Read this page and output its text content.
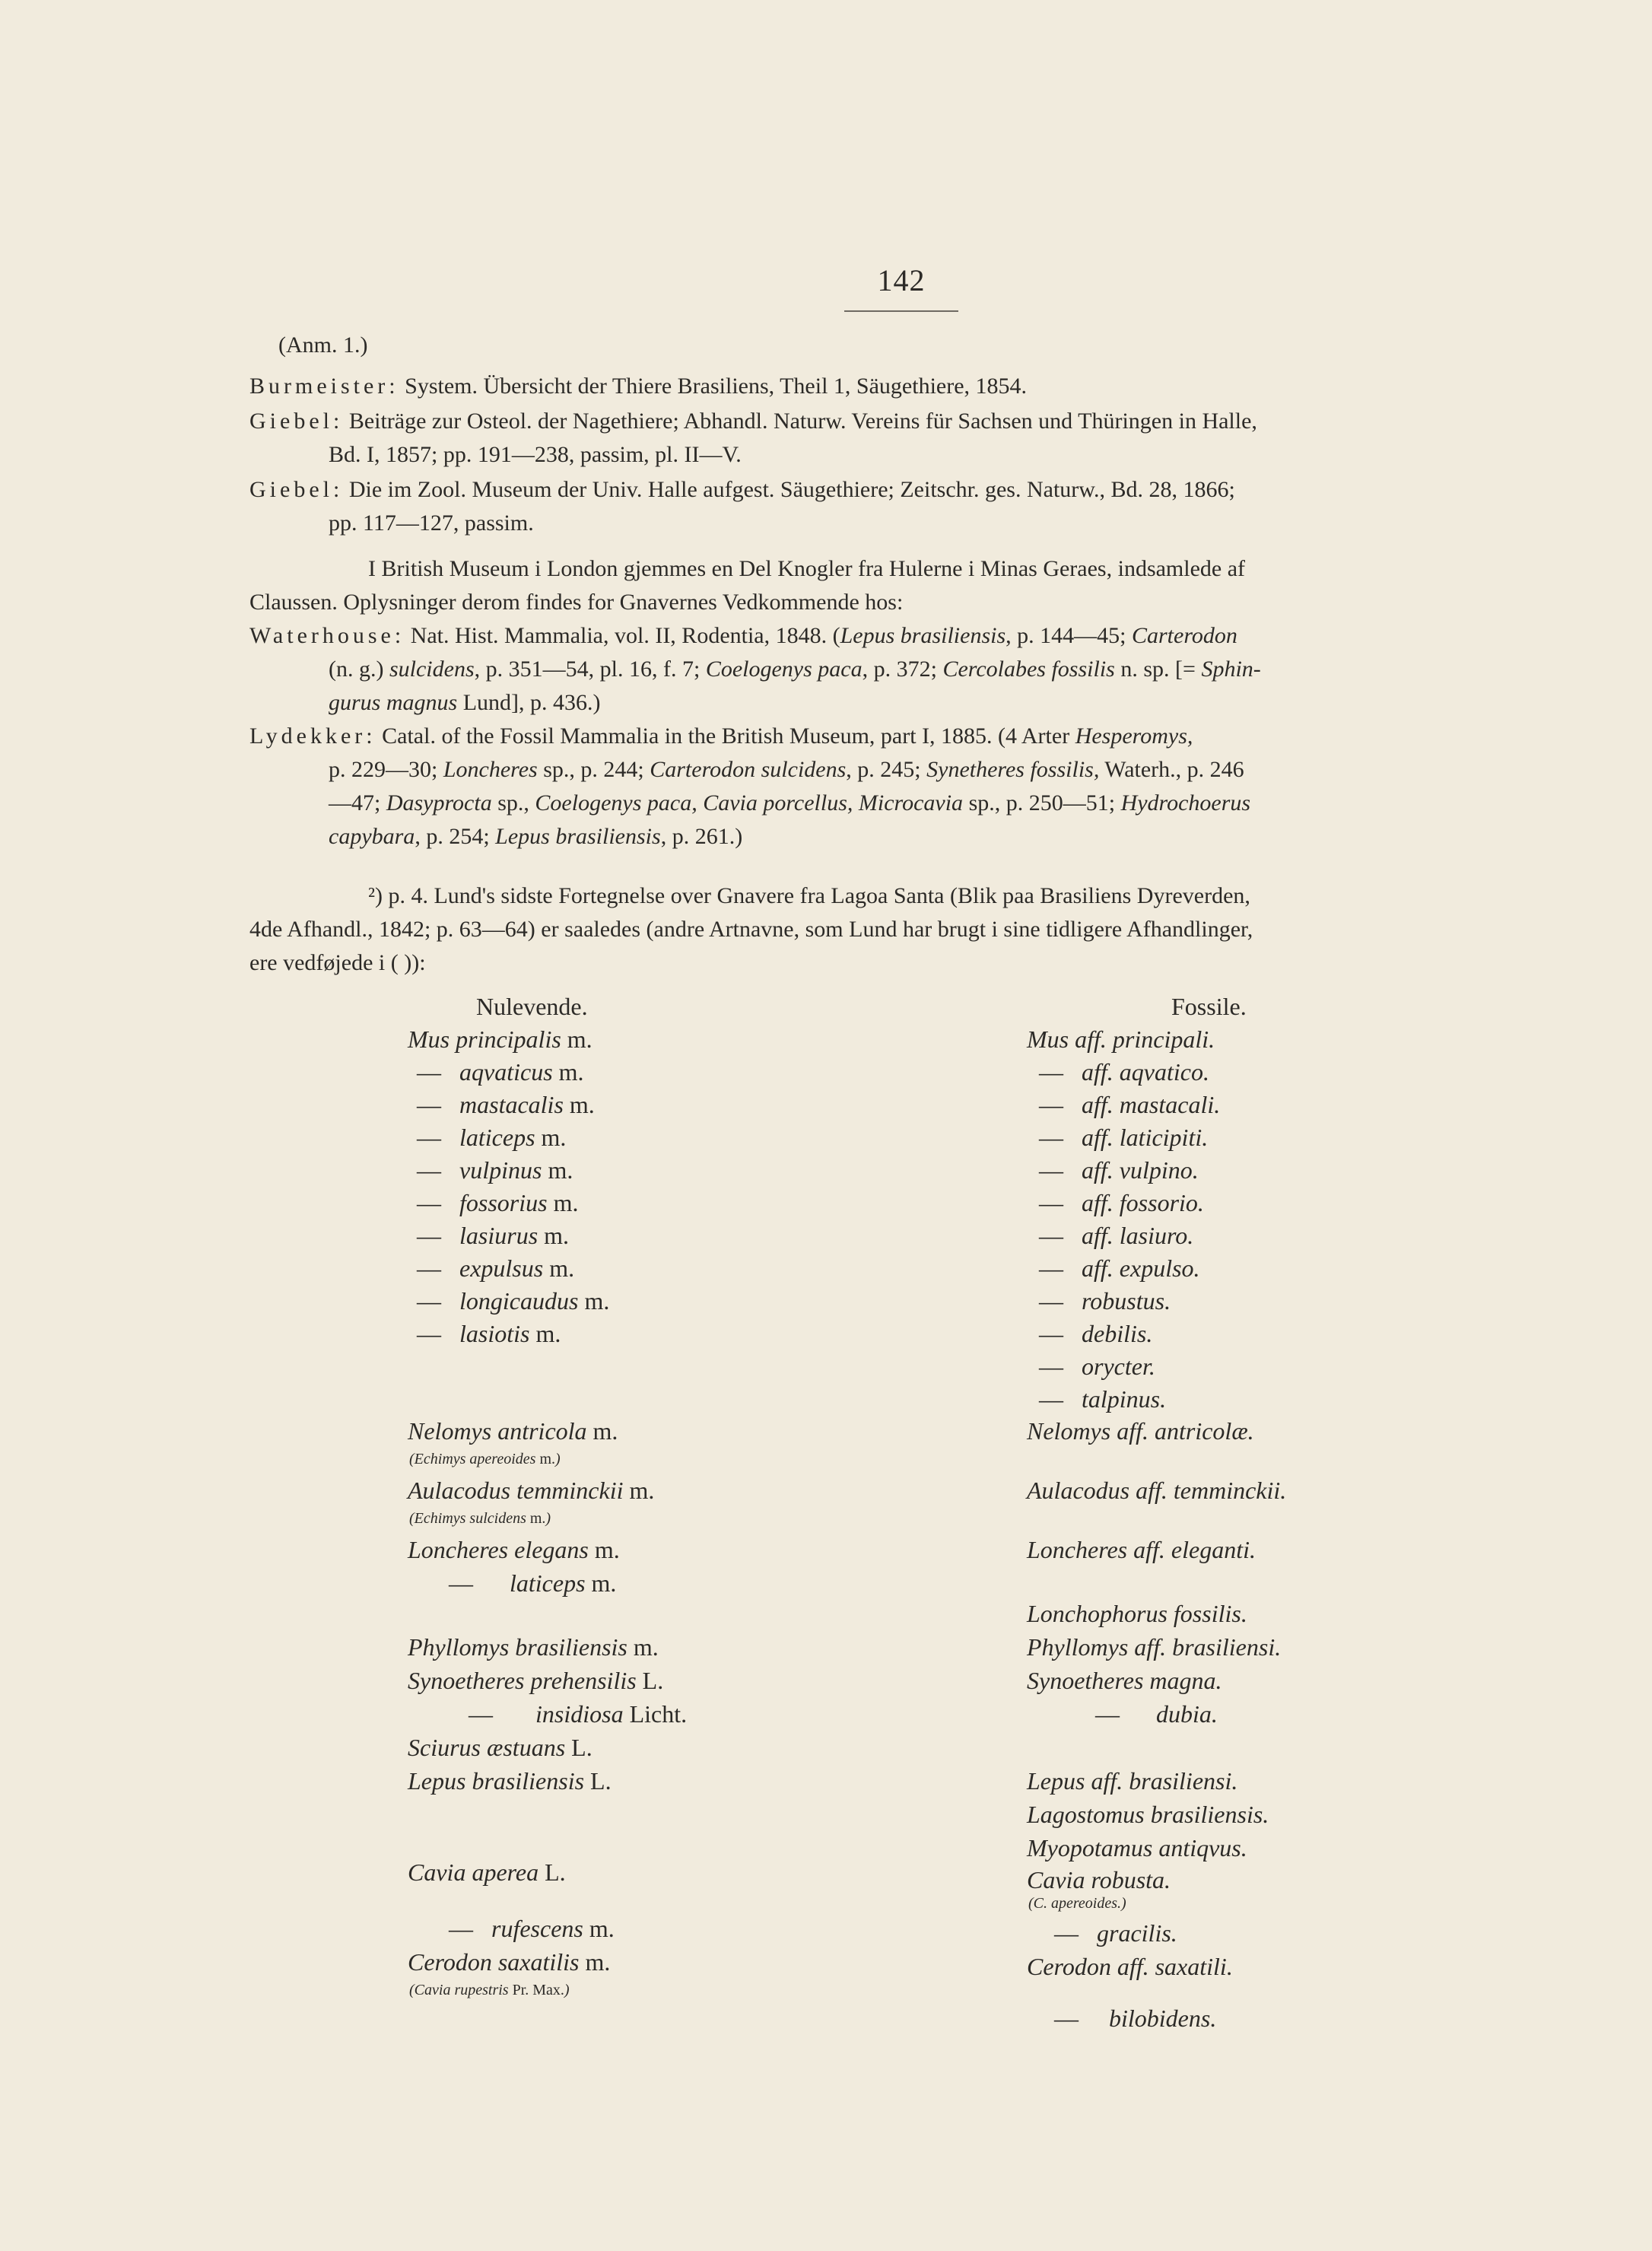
142
(Anm. 1.)
Burmeister: System. Übersicht der Thiere Brasiliens, Theil 1, Säugethiere, 1854.
Giebel: Beiträge zur Osteol. der Nagethiere; Abhandl. Naturw. Vereins für Sachsen und Thüringen in Halle,
Bd. I, 1857; pp. 191—238, passim, pl. II—V.
Giebel: Die im Zool. Museum der Univ. Halle aufgest. Säugethiere; Zeitschr. ges. Naturw., Bd. 28, 1866;
pp. 117—127, passim.
I British Museum i London gjemmes en Del Knogler fra Hulerne i Minas Geraes, indsamlede af
Claussen. Oplysninger derom findes for Gnavernes Vedkommende hos:
Waterhouse: Nat. Hist. Mammalia, vol. II, Rodentia, 1848. (Lepus brasiliensis, p. 144—45; Carterodon
(n. g.) sulcidens, p. 351—54, pl. 16, f. 7; Coelogenys paca, p. 372; Cercolabes fossilis n. sp. [= Sphin-
gurus magnus Lund], p. 436.)
Lydekker: Catal. of the Fossil Mammalia in the British Museum, part I, 1885. (4 Arter Hesperomys,
p. 229—30; Loncheres sp., p. 244; Carterodon sulcidens, p. 245; Synetheres fossilis, Waterh., p. 246
—47; Dasyprocta sp., Coelogenys paca, Cavia porcellus, Microcavia sp., p. 250—51; Hydrochoerus
capybara, p. 254; Lepus brasiliensis, p. 261.)
²) p. 4. Lund's sidste Fortegnelse over Gnavere fra Lagoa Santa (Blik paa Brasiliens Dyreverden,
4de Afhandl., 1842; p. 63—64) er saaledes (andre Artnavne, som Lund har brugt i sine tidligere Afhandlinger,
ere vedføjede i ( )):
Nulevende.	Fossile.
Mus principalis m.
— aqvaticus m.
— mastacalis m.
— laticeps m.
— vulpinus m.
— fossorius m.
— lasiurus m.
— expulsus m.
— longicaudus m.
— lasiotis m.
Nelomys antricola m.
(Echimys apereoides m.)
Aulacodus temminckii m.
(Echimys sulcidens m.)
Loncheres elegans m.
— laticeps m.
Phyllomys brasiliensis m.
Synoetheres prehensilis L.
— insidiosa Licht.
Sciurus æstuans L.
Lepus brasiliensis L.
Cavia aperea L.
— rufescens m.
Cerodon saxatilis m.
(Cavia rupestris Pr. Max.)
Mus aff. principali.
— aff. aqvatico.
— aff. mastacali.
— aff. laticipiti.
— aff. vulpino.
— aff. fossorio.
— aff. lasiuro.
— aff. expulso.
— robustus.
— debilis.
— orycter.
— talpinus.
Nelomys aff. antricolæ.
Aulacodus aff. temminckii.
Loncheres aff. eleganti.
Lonchophorus fossilis.
Phyllomys aff. brasiliensi.
Synoetheres magna.
— dubia.
Lepus aff. brasiliensi.
Lagostomus brasiliensis.
Myopotamus antiqvus.
Cavia robusta.
(C. apereoides.)
— gracilis.
Cerodon aff. saxatili.
— bilobidens.
